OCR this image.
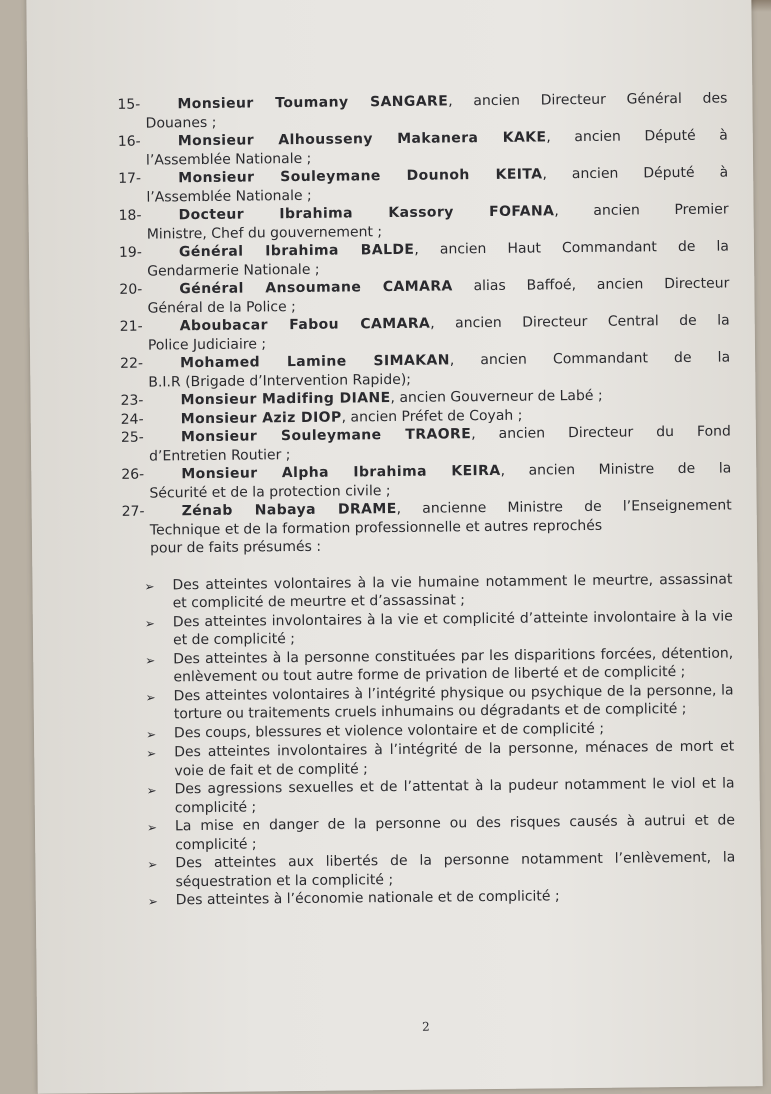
15-	Monsieur Toumany SANGARE, ancien Directeur Général des
Douanes ;
16-	Monsieur Alhousseny Makanera KAKE, ancien Député à
l’Assemblée Nationale ;
17-	Monsieur Souleymane Dounoh KEITA, ancien Député à
l’Assemblée Nationale ;
18-	Docteur Ibrahima Kassory FOFANA, ancien Premier
Ministre, Chef du gouvernement ;
19-	Général Ibrahima BALDE, ancien Haut Commandant de la
Gendarmerie Nationale ;
20-	Général Ansoumane CAMARA alias Baffoé, ancien Directeur
Général de la Police ;
21-	Aboubacar Fabou CAMARA, ancien Directeur Central de la
Police Judiciaire ;
22-	Mohamed Lamine SIMAKAN, ancien Commandant de la
B.I.R (Brigade d’Intervention Rapide);
23-	Monsieur Madifing DIANE, ancien Gouverneur de Labé ;
24-	Monsieur Aziz DIOP, ancien Préfet de Coyah ;
25-	Monsieur Souleymane TRAORE, ancien Directeur du Fond
d’Entretien Routier ;
26-	Monsieur Alpha Ibrahima KEIRA, ancien Ministre de la
Sécurité et de la protection civile ;
27-	Zénab Nabaya DRAME, ancienne Ministre de l’Enseignement
Technique et de la formation professionnelle et autres reprochés
pour de faits présumés :
➢	Des atteintes volontaires à la vie humaine notamment le meurtre, assassinat et complicité de meurtre et d’assassinat ;
➢	Des atteintes involontaires à la vie et complicité d’atteinte involontaire à la vie et de complicité ;
➢	Des atteintes à la personne constituées par les disparitions forcées, détention, enlèvement ou tout autre forme de privation de liberté et de complicité ;
➢	Des atteintes volontaires à l’intégrité physique ou psychique de la personne, la torture ou traitements cruels inhumains ou dégradants et de complicité ;
➢	Des coups, blessures et violence volontaire et de complicité ;
➢	Des atteintes involontaires à l’intégrité de la personne, ménaces de mort et voie de fait et de complité ;
➢	Des agressions sexuelles et de l’attentat à la pudeur notamment le viol et la complicité ;
➢	La mise en danger de la personne ou des risques causés à autrui et de complicité ;
➢	Des atteintes aux libertés de la personne notamment l’enlèvement, la séquestration et la complicité ;
➢	Des atteintes à l’économie nationale et de complicité ;
2
